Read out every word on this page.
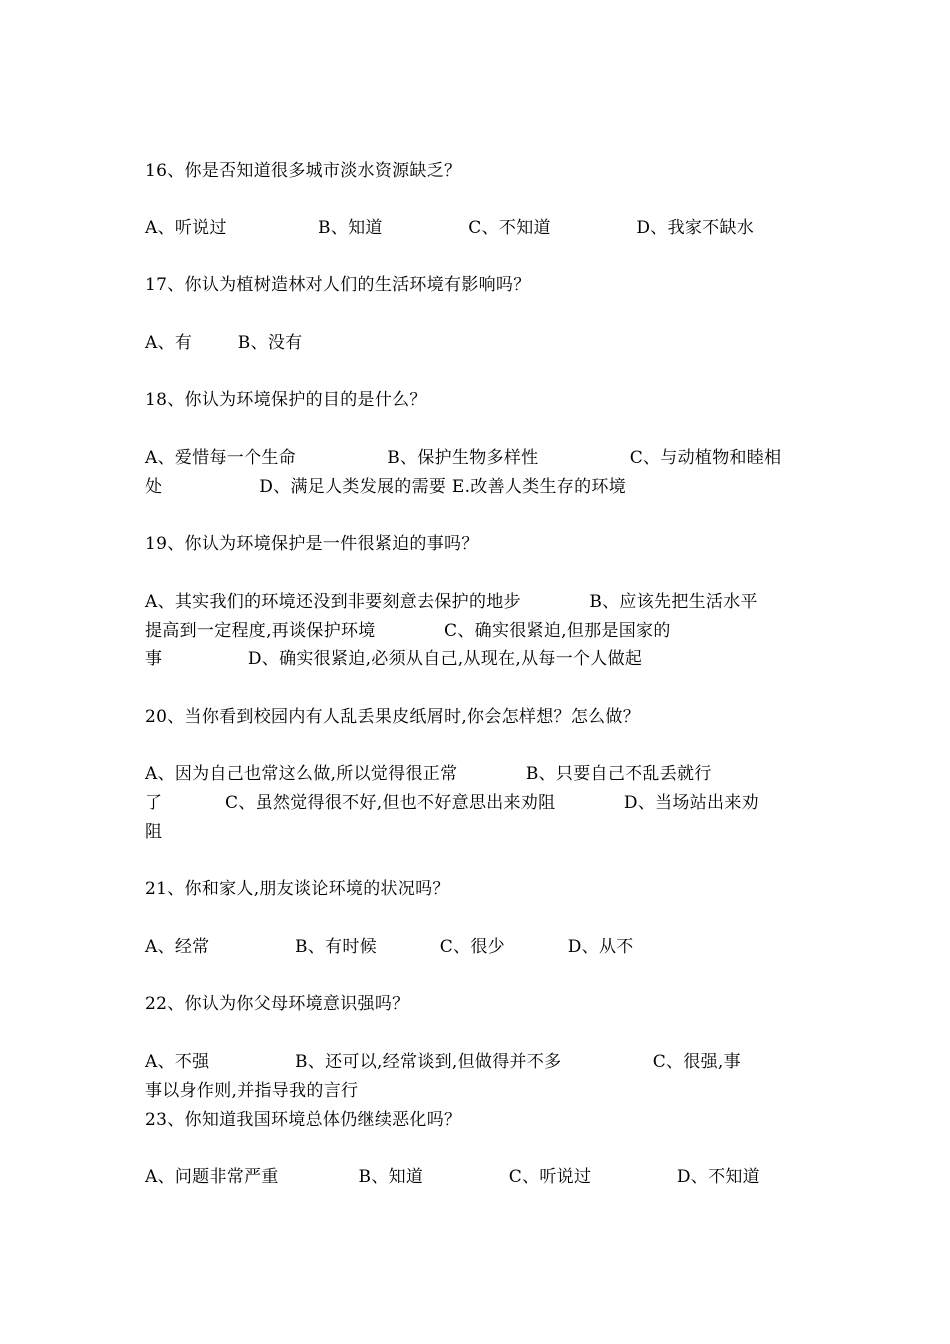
16、你是否知道很多城市淡水资源缺乏？
A、听说过                B、知道               C、不知道               D、我家不缺水
17、你认为植树造林对人们的生活环境有影响吗？
A、有        B、没有
18、你认为环境保护的目的是什么？
A、爱惜每一个生命                B、保护生物多样性                C、与动植物和睦相
处                 D、满足人类发展的需要 E.改善人类生存的环境
19、你认为环境保护是一件很紧迫的事吗？
A、其实我们的环境还没到非要刻意去保护的地步            B、应该先把生活水平
提高到一定程度,再谈保护环境            C、确实很紧迫,但那是国家的
事               D、确实很紧迫,必须从自己,从现在,从每一个人做起
20、当你看到校园内有人乱丢果皮纸屑时,你会怎样想？怎么做？
A、因为自己也常这么做,所以觉得很正常            B、只要自己不乱丢就行
了           C、虽然觉得很不好,但也不好意思出来劝阻            D、当场站出来劝
阻
21、你和家人,朋友谈论环境的状况吗？
A、经常               B、有时候           C、很少           D、从不
22、你认为你父母环境意识强吗？
A、不强               B、还可以,经常谈到,但做得并不多                C、很强,事
事以身作则,并指导我的言行
23、你知道我国环境总体仍继续恶化吗？
A、问题非常严重              B、知道               C、听说过               D、不知道
